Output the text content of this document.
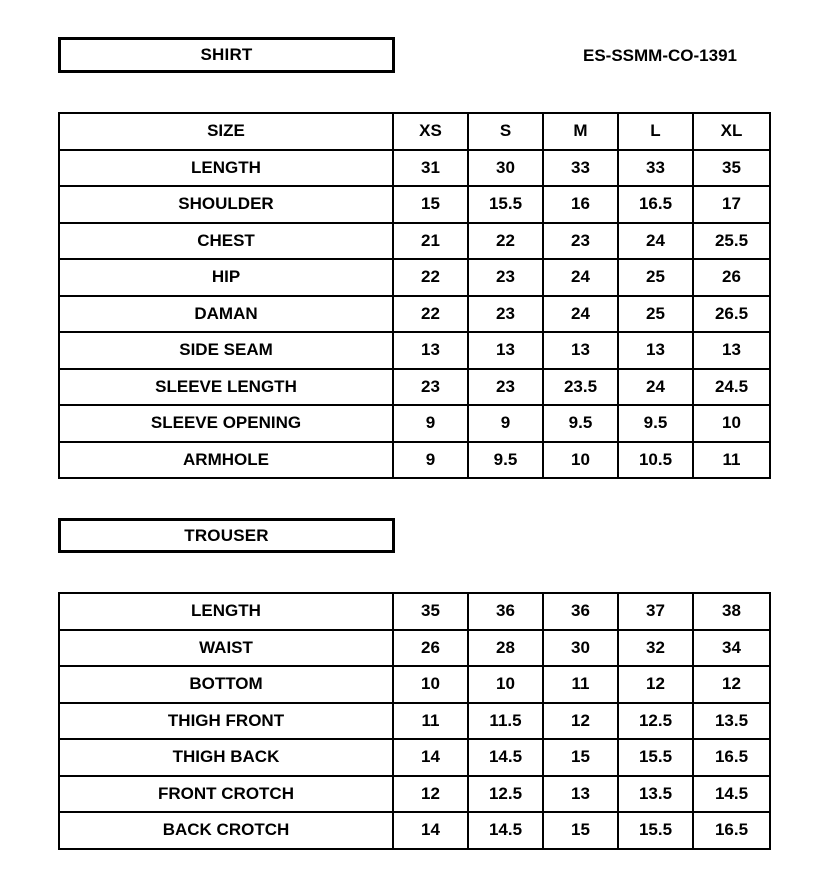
SHIRT	ES-SSMM-CO-1391
SIZE	XS	S	M	L	XL
LENGTH	31	30	33	33	35
SHOULDER	15	15.5	16	16.5	17
CHEST	21	22	23	24	25.5
HIP	22	23	24	25	26
DAMAN	22	23	24	25	26.5
SIDE SEAM	13	13	13	13	13
SLEEVE LENGTH	23	23	23.5	24	24.5
SLEEVE OPENING	9	9	9.5	9.5	10
ARMHOLE	9	9.5	10	10.5	11
TROUSER
LENGTH	35	36	36	37	38
WAIST	26	28	30	32	34
BOTTOM	10	10	11	12	12
THIGH FRONT	11	11.5	12	12.5	13.5
THIGH BACK	14	14.5	15	15.5	16.5
FRONT CROTCH	12	12.5	13	13.5	14.5
BACK CROTCH	14	14.5	15	15.5	16.5
